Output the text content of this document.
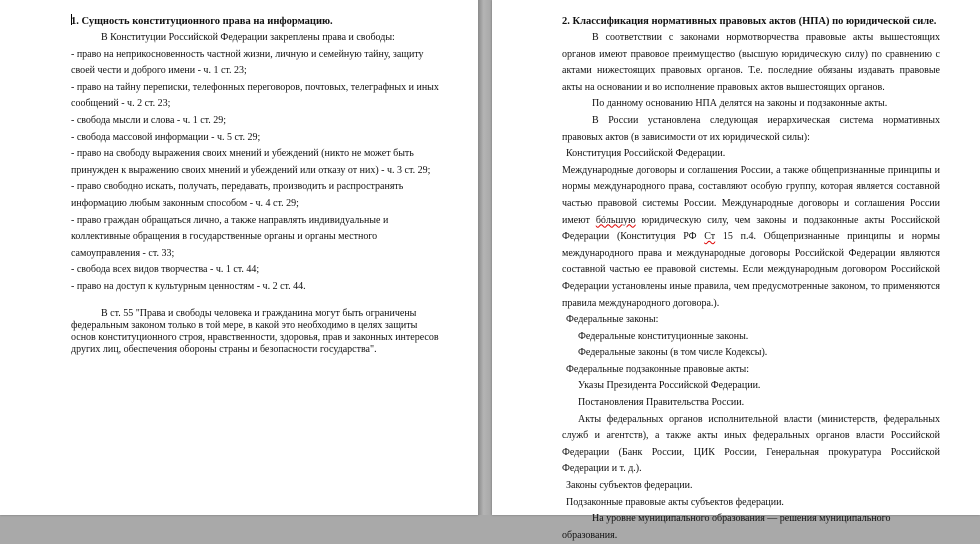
1. Сущность конституционного права на информацию.

В Конституции Российской Федерации закреплены права и свободы:

- право на неприкосновенность частной жизни, личную и семейную тайну, защиту своей чести и доброго имени - ч. 1 ст. 23;

- право на тайну переписки, телефонных переговоров, почтовых, телеграфных и иных сообщений - ч. 2 ст. 23;

- свобода мысли и слова - ч. 1 ст. 29;

- свобода массовой информации - ч. 5 ст. 29;

- право на свободу выражения своих мнений и убеждений (никто не может быть принужден к выражению своих мнений и убеждений или отказу от них) - ч. 3 ст. 29;

- право свободно искать, получать, передавать, производить и распространять информацию любым законным способом - ч. 4 ст. 29;

- право граждан обращаться лично, а также направлять индивидуальные и коллективные обращения в государственные органы и органы местного самоуправления - ст. 33;

- свобода всех видов творчества - ч. 1 ст. 44;

- право на доступ к культурным ценностям - ч. 2 ст. 44.

В ст. 55 "Права и свободы человека и гражданина могут быть ограничены федеральным законом только в той мере, в какой это необходимо в целях защиты основ конституционного строя, нравственности, здоровья, прав и законных интересов других лиц, обеспечения обороны страны и безопасности государства".

2. Классификация нормативных правовых актов (НПА) по юридической силе.

В соответствии с законами нормотворчества правовые акты вышестоящих органов имеют правовое преимущество (высшую юридическую силу) по сравнению с актами нижестоящих правовых органов. Т.е. последние обязаны издавать правовые акты на основании и во исполнение правовых актов вышестоящих органов.

По данному основанию НПА делятся на законы и подзаконные акты.

В России установлена следующая иерархическая система нормативных правовых актов (в зависимости от их юридической силы):

Конституция Российской Федерации.

Международные договоры и соглашения России, а также общепризнанные принципы и нормы международного права, составляют особую группу, которая является составной частью правовой системы России. Международные договоры и соглашения России имеют бóльшую юридическую силу, чем законы и подзаконные акты Российской Федерации (Конституция РФ Ст 15 п.4. Общепризнанные принципы и нормы международного права и международные договоры Российской Федерации являются составной частью ее правовой системы. Если международным договором Российской Федерации установлены иные правила, чем предусмотренные законом, то применяются правила международного договора.).

Федеральные законы:

Федеральные конституционные законы.

Федеральные законы (в том числе Кодексы).

Федеральные подзаконные правовые акты:

Указы Президента Российской Федерации.

Постановления Правительства России.

Акты федеральных органов исполнительной власти (министерств, федеральных служб и агентств), а также акты иных федеральных органов власти Российской Федерации (Банк России, ЦИК России, Генеральная прокуратура Российской Федерации и т. д.).

Законы субъектов федерации.

Подзаконные правовые акты субъектов федерации.

На уровне муниципального образования — решения муниципального образования.
